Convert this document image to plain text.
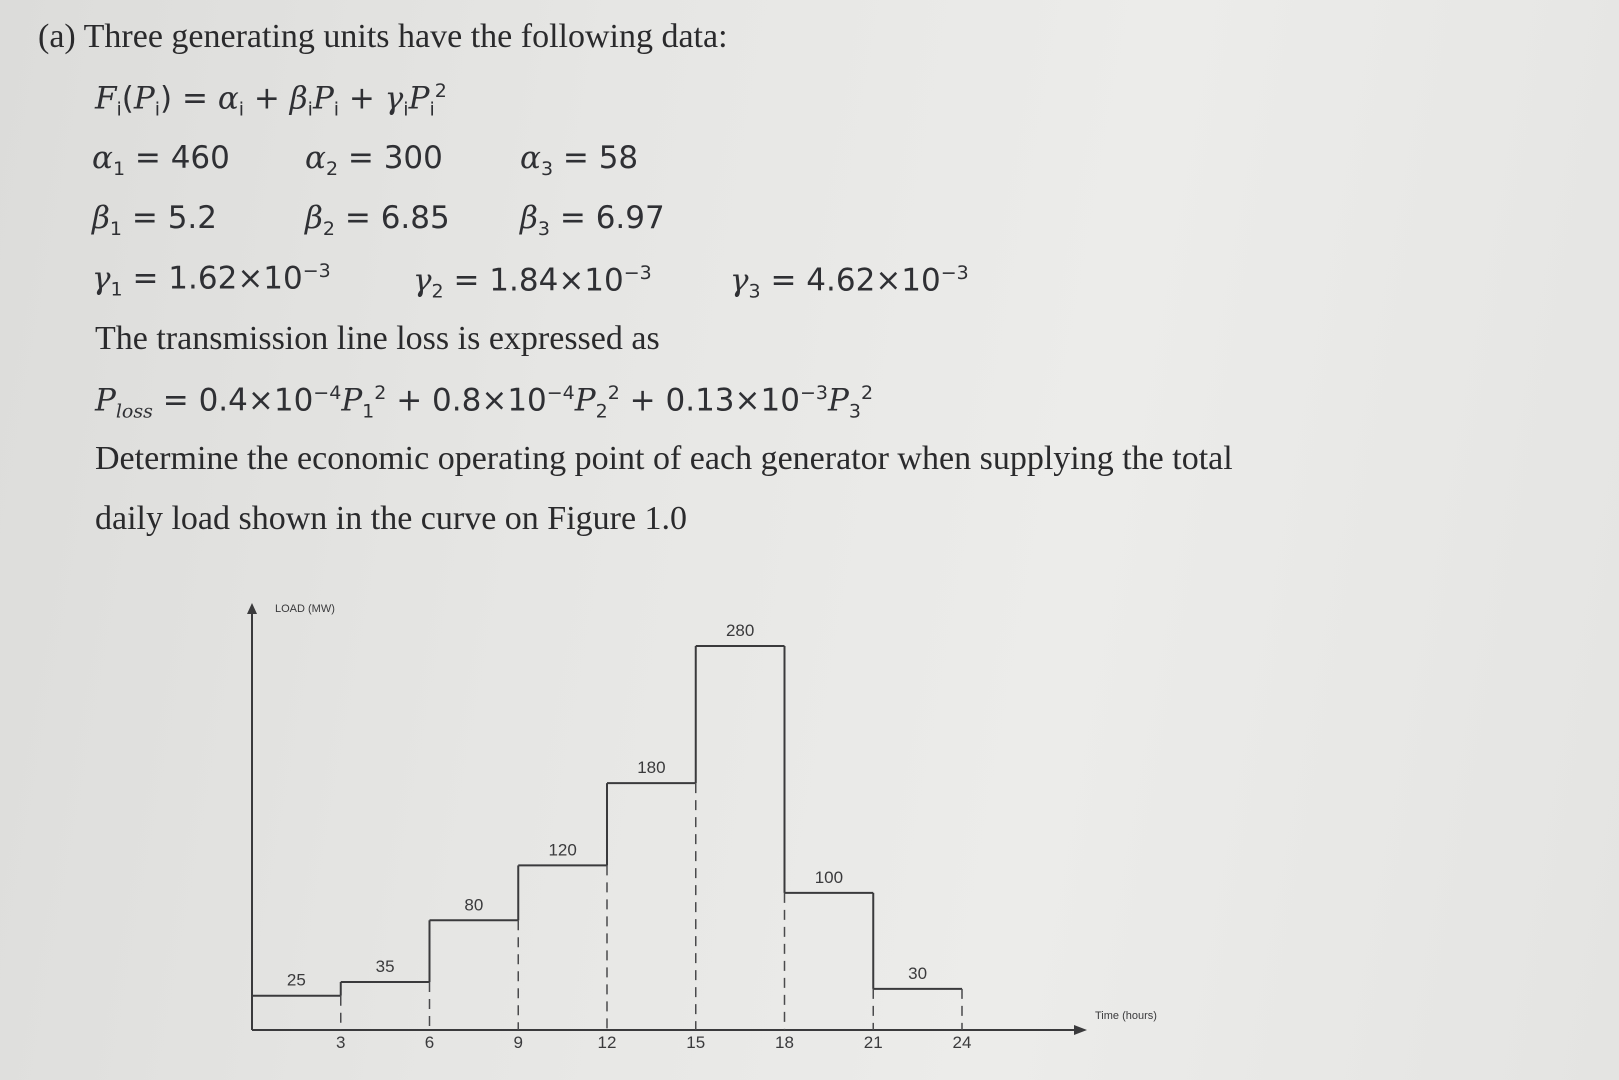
(a) Three generating units have the following data:
$F_i(P_i) = \alpha_i + \beta_iP_i + \gamma_iP_i^2$
$\alpha_1 = 460$ $\alpha_2 = 300$ $\alpha_3 = 58$
$\beta_1 = 5.2$	$\beta_2 = 6.85$ $\beta_3 = 6.97$
$\gamma_1 = 1.62\times 10^{-3}$	$\gamma_2 = 1.84\times 10^{-3}$	$\gamma_3 = 4.62\times 10^{-3}$
The transmission line loss is expressed as
$P_{loss} = 0.4\times 10^{-4}P_1^2 + 0.8\times 10^{-4}P_2^2 + 0.13\times 10^{-3}P_3^2$
Determine the economic operating point of each generator when supplying the total
daily load shown in the curve on Figure 1.0
LOAD (MW)
Time (hours)
25
35
80
120
180
280
100
30
3	6	9	12	15	18	21	24
